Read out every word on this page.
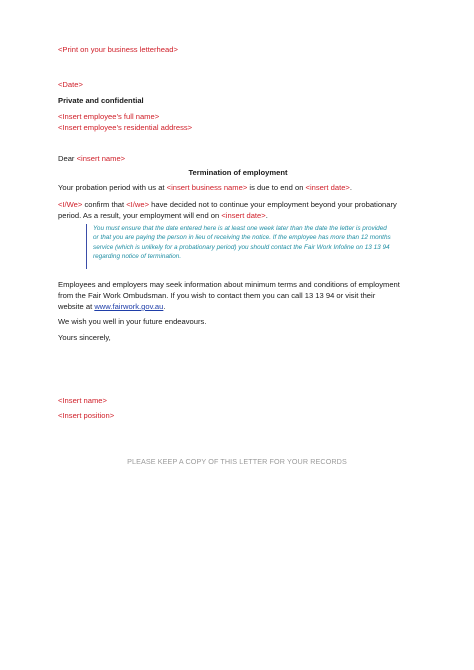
<Print on your business letterhead>
<Date>
Private and confidential
<Insert employee’s full name>
<Insert employee’s residential address>
Dear <insert name>
Termination of employment
Your probation period with us at <insert business name> is due to end on <insert date>.
<I/We> confirm that <I/we> have decided not to continue your employment beyond your probationary
period. As a result, your employment will end on <insert date>.
You must ensure that the date entered here is at least one week later than the date the letter is provided
or that you are paying the person in lieu of receiving the notice. If the employee has more than 12 months
service (which is unlikely for a probationary period) you should contact the Fair Work Infoline on 13 13 94
regarding notice of termination.
Employees and employers may seek information about minimum terms and conditions of employment
from the Fair Work Ombudsman. If you wish to contact them you can call 13 13 94 or visit their
website at www.fairwork.gov.au.
We wish you well in your future endeavours.
Yours sincerely,
<Insert name>
<Insert position>
PLEASE KEEP A COPY OF THIS LETTER FOR YOUR RECORDS
